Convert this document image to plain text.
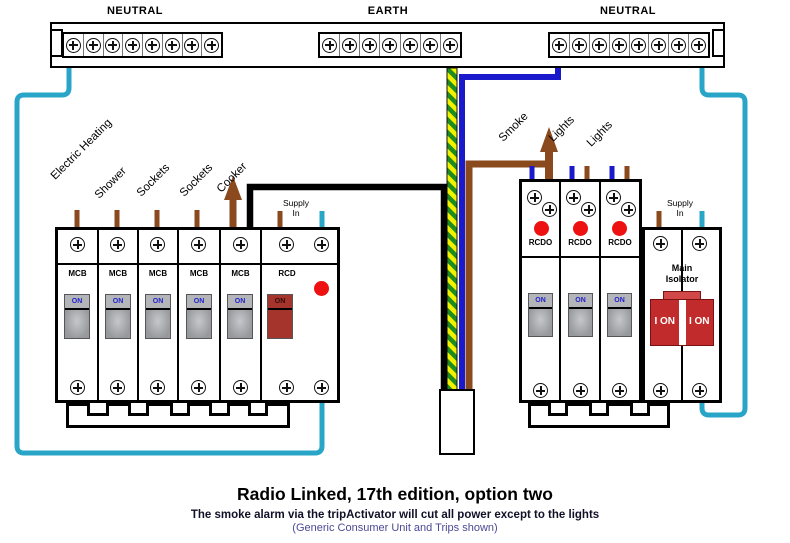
NEUTRAL	EARTH	NEUTRAL
Electric Heating
Shower Sockets Sockets Cooker
Smoke Lights Lights
Supply
In
Supply
In
MCB
ON
MCB
ON
MCB
ON
MCB
ON
MCB
ON
RCD
ON
RCDO
ON
RCDO
ON
RCDO
ON
Main
Isolator
I ON	I ON
Radio Linked, 17th edition, option two
The smoke alarm via the tripActivator will cut all power except to the lights
(Generic Consumer Unit and Trips shown)
